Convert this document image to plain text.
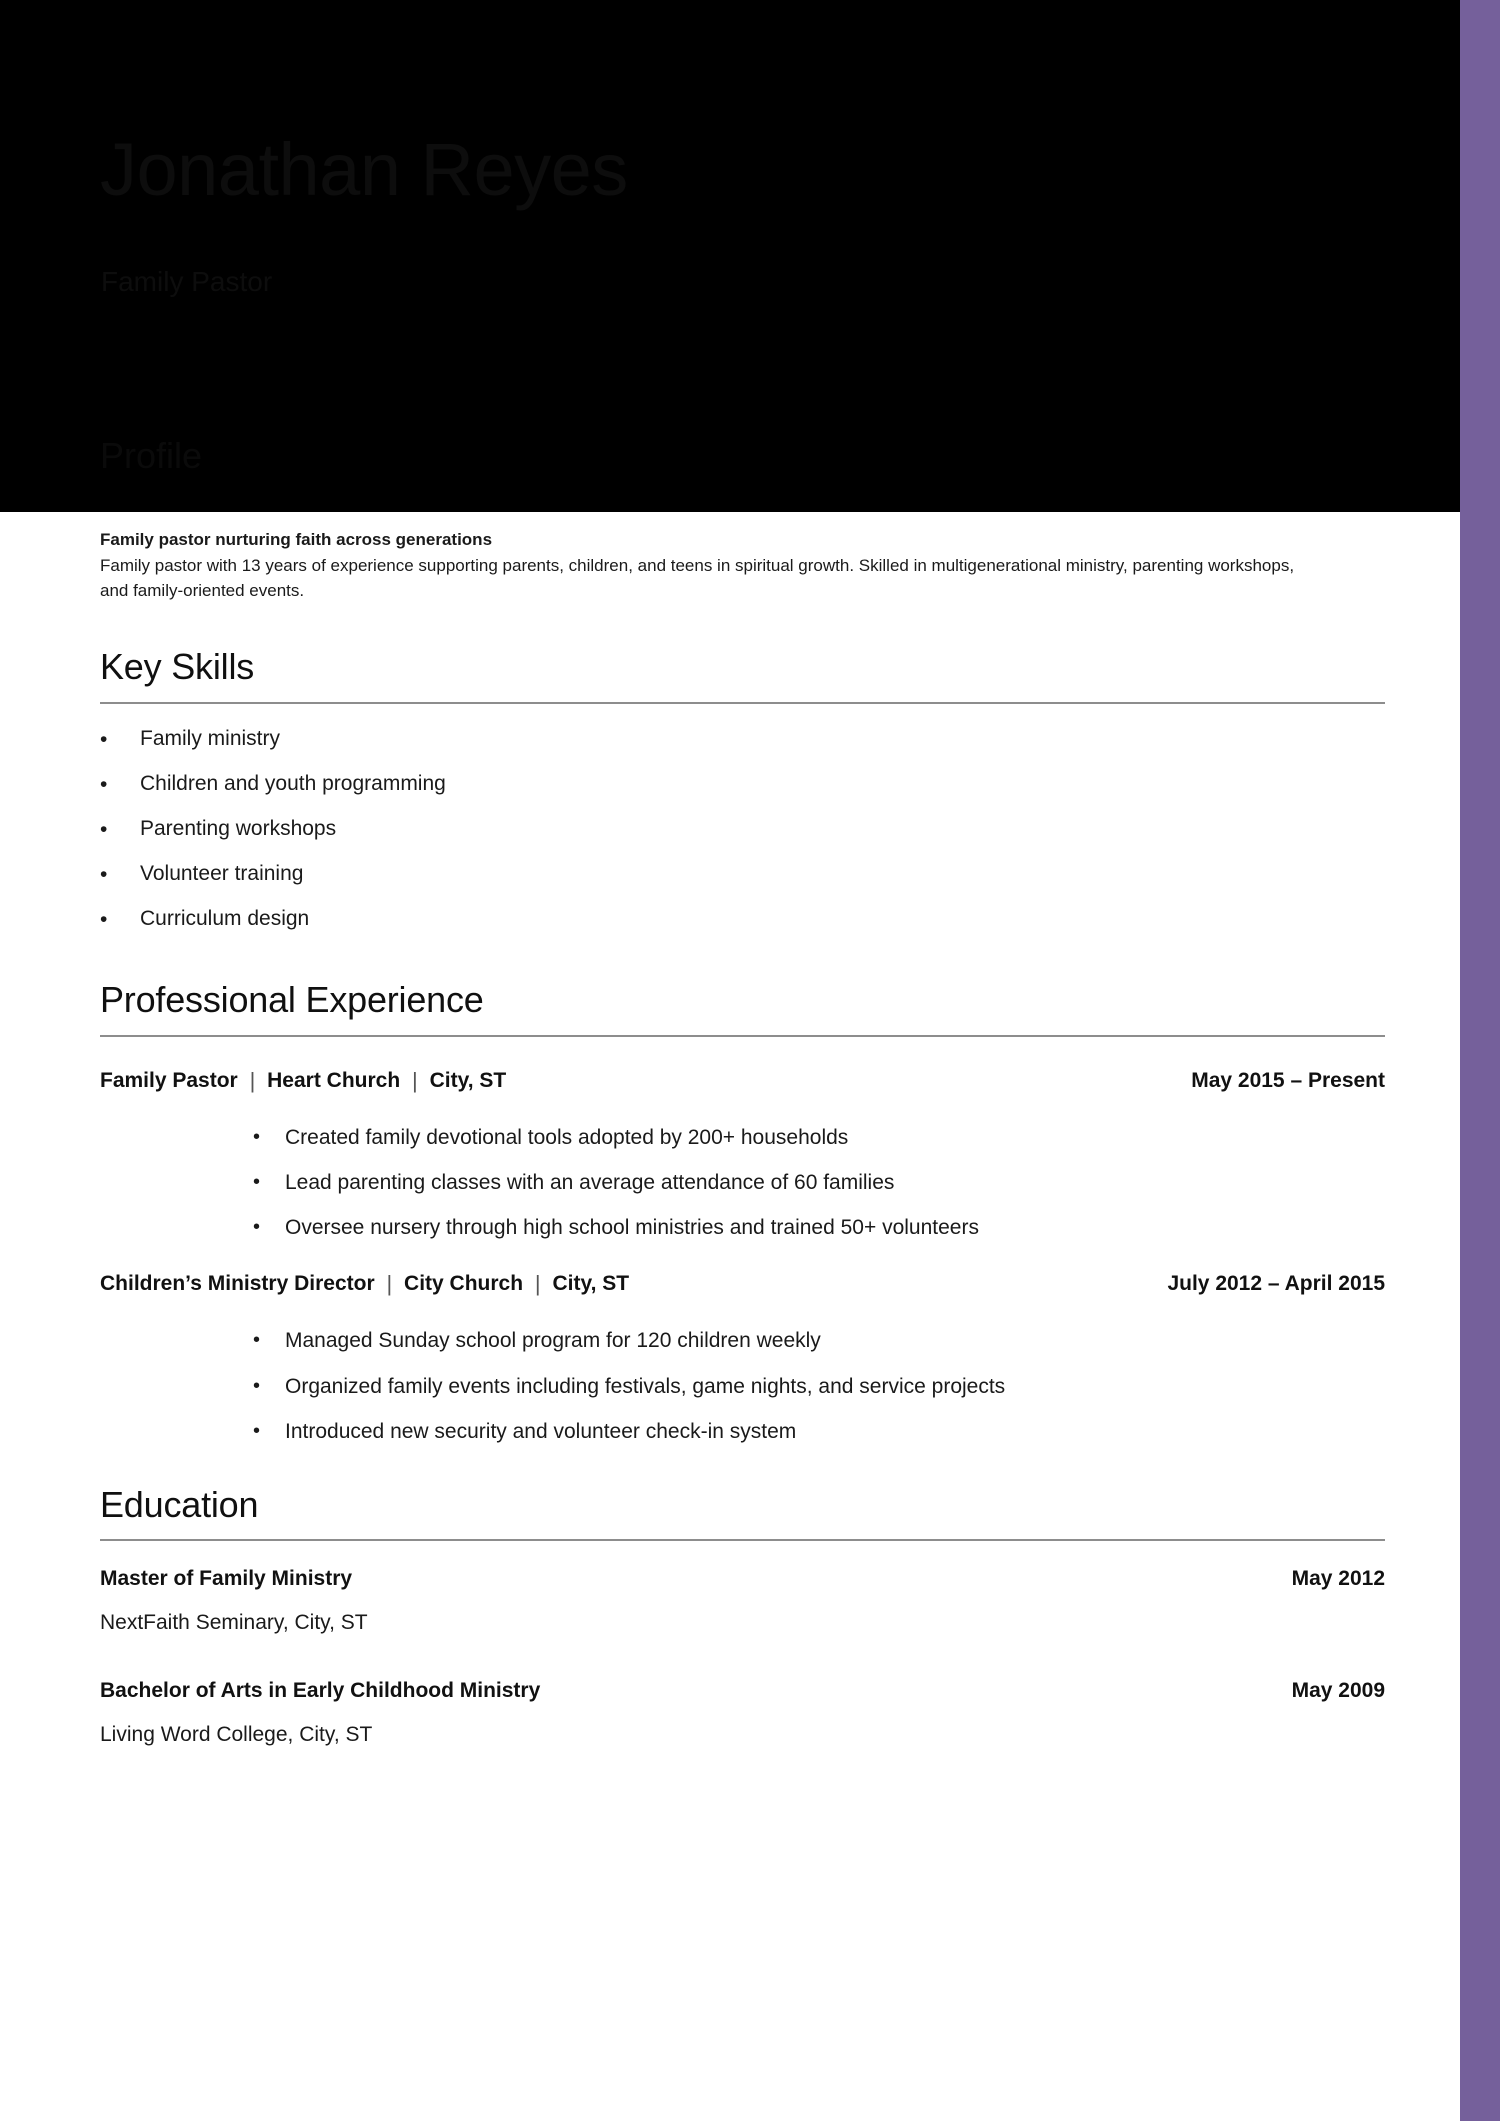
Jonathan Reyes
Family Pastor
Profile
Family pastor nurturing faith across generations
Family pastor with 13 years of experience supporting parents, children, and teens in spiritual growth. Skilled in multigenerational ministry, parenting workshops, and family-oriented events.
Key Skills
• Family ministry
• Children and youth programming
• Parenting workshops
• Volunteer training
• Curriculum design
Professional Experience
Family Pastor | Heart Church | City, ST	May 2015 – Present
• Created family devotional tools adopted by 200+ households
• Lead parenting classes with an average attendance of 60 families
• Oversee nursery through high school ministries and trained 50+ volunteers
Children’s Ministry Director | City Church | City, ST	July 2012 – April 2015
• Managed Sunday school program for 120 children weekly
• Organized family events including festivals, game nights, and service projects
• Introduced new security and volunteer check-in system
Education
Master of Family Ministry	May 2012
NextFaith Seminary, City, ST
Bachelor of Arts in Early Childhood Ministry	May 2009
Living Word College, City, ST
